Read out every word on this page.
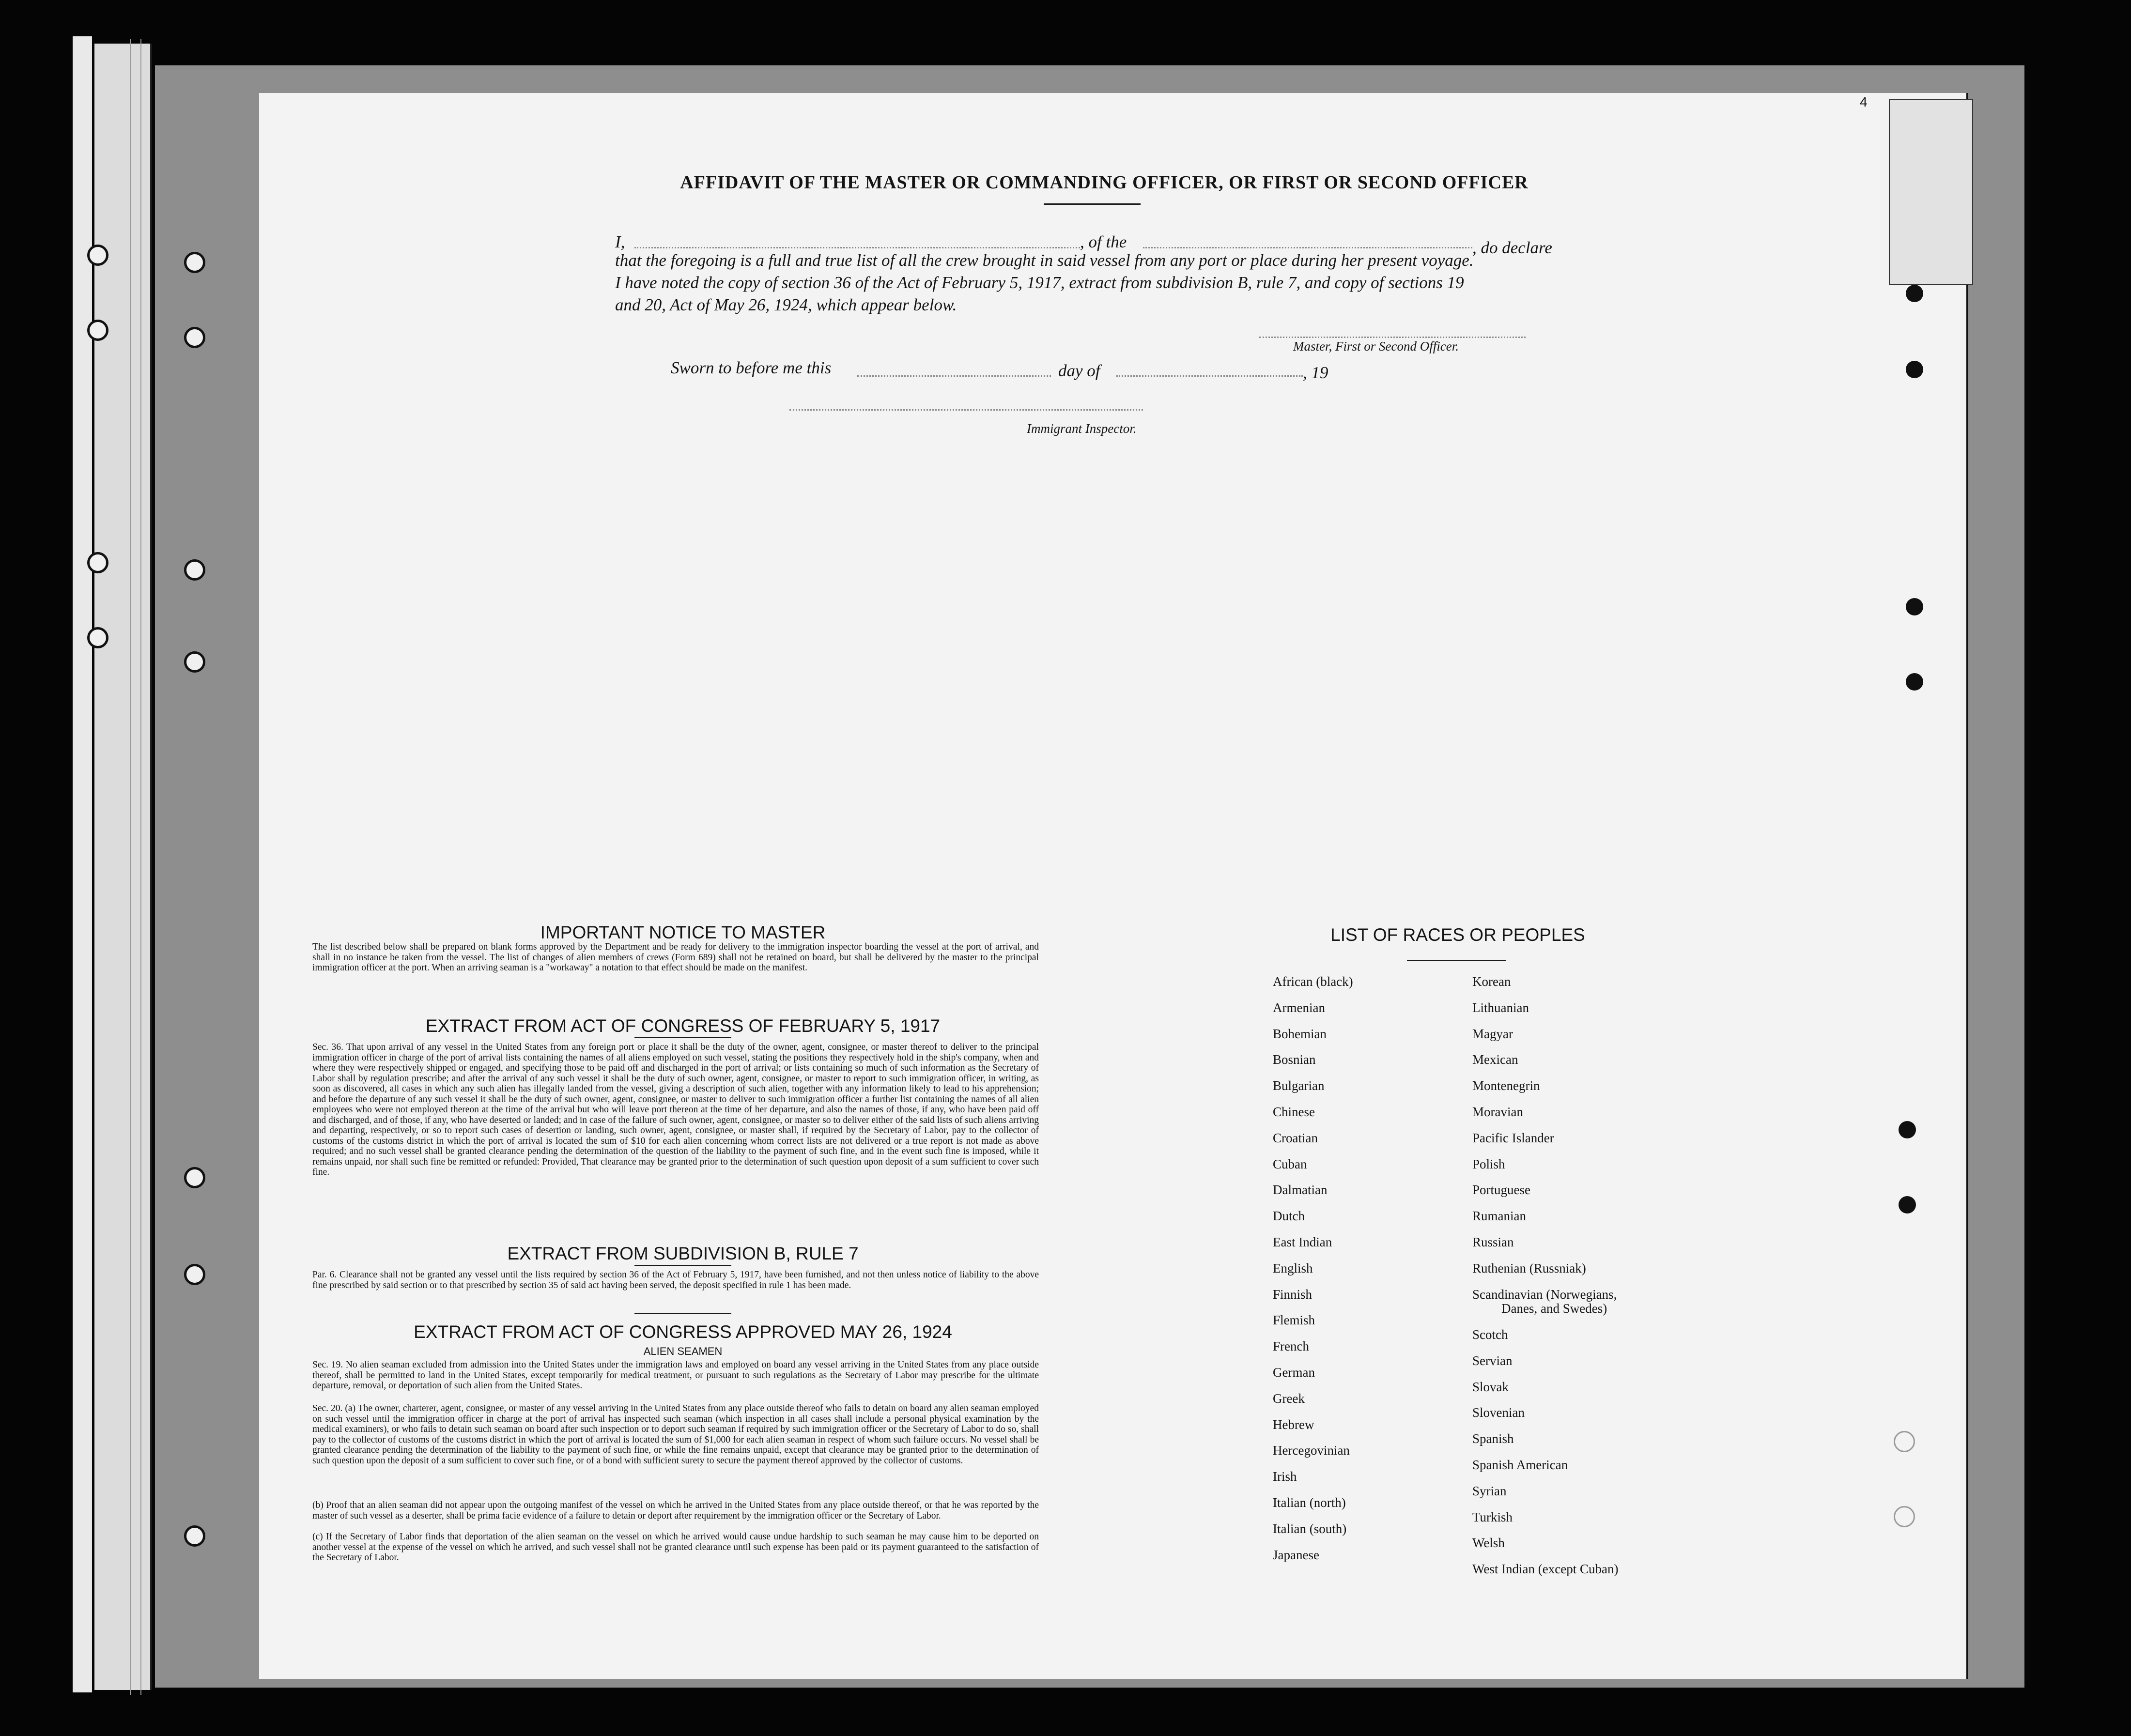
4
AFFIDAVIT OF THE MASTER OR COMMANDING OFFICER, OR FIRST OR SECOND OFFICER
I,	, of the	, do declare
that the foregoing is a full and true list of all the crew brought in said vessel from any port or place during her present voyage.
I have noted the copy of section 36 of the Act of February 5, 1917, extract from subdivision B, rule 7, and copy of sections 19
and 20, Act of May 26, 1924, which appear below.
Master, First or Second Officer.
Sworn to before me this	day of	, 19
Immigrant Inspector.
IMPORTANT NOTICE TO MASTER
The list described below shall be prepared on blank forms approved by the Department and be ready for delivery to the immigration inspector boarding the vessel at the port of arrival, and shall in no instance be taken from the vessel. The list of changes of alien members of crews (Form 689) shall not be retained on board, but shall be delivered by the master to the principal immigration officer at the port. When an arriving seaman is a "workaway" a notation to that effect should be made on the manifest.
EXTRACT FROM ACT OF CONGRESS OF FEBRUARY 5, 1917
Sec. 36. That upon arrival of any vessel in the United States from any foreign port or place it shall be the duty of the owner, agent, consignee, or master thereof to deliver to the principal immigration officer in charge of the port of arrival lists containing the names of all aliens employed on such vessel, stating the positions they respectively hold in the ship's company, when and where they were respectively shipped or engaged, and specifying those to be paid off and discharged in the port of arrival; or lists containing so much of such information as the Secretary of Labor shall by regulation prescribe; and after the arrival of any such vessel it shall be the duty of such owner, agent, consignee, or master to report to such immigration officer, in writing, as soon as discovered, all cases in which any such alien has illegally landed from the vessel, giving a description of such alien, together with any information likely to lead to his apprehension; and before the departure of any such vessel it shall be the duty of such owner, agent, consignee, or master to deliver to such immigration officer a further list containing the names of all alien employees who were not employed thereon at the time of the arrival but who will leave port thereon at the time of her departure, and also the names of those, if any, who have been paid off and discharged, and of those, if any, who have deserted or landed; and in case of the failure of such owner, agent, consignee, or master so to deliver either of the said lists of such aliens arriving and departing, respectively, or so to report such cases of desertion or landing, such owner, agent, consignee, or master shall, if required by the Secretary of Labor, pay to the collector of customs of the customs district in which the port of arrival is located the sum of $10 for each alien concerning whom correct lists are not delivered or a true report is not made as above required; and no such vessel shall be granted clearance pending the determination of the question of the liability to the payment of such fine, and in the event such fine is imposed, while it remains unpaid, nor shall such fine be remitted or refunded: Provided, That clearance may be granted prior to the determination of such question upon deposit of a sum sufficient to cover such fine.
EXTRACT FROM SUBDIVISION B, RULE 7
Par. 6. Clearance shall not be granted any vessel until the lists required by section 36 of the Act of February 5, 1917, have been furnished, and not then unless notice of liability to the above fine prescribed by said section or to that prescribed by section 35 of said act having been served, the deposit specified in rule 1 has been made.
EXTRACT FROM ACT OF CONGRESS APPROVED MAY 26, 1924
ALIEN SEAMEN
Sec. 19. No alien seaman excluded from admission into the United States under the immigration laws and employed on board any vessel arriving in the United States from any place outside thereof, shall be permitted to land in the United States, except temporarily for medical treatment, or pursuant to such regulations as the Secretary of Labor may prescribe for the ultimate departure, removal, or deportation of such alien from the United States.
Sec. 20. (a) The owner, charterer, agent, consignee, or master of any vessel arriving in the United States from any place outside thereof who fails to detain on board any alien seaman employed on such vessel until the immigration officer in charge at the port of arrival has inspected such seaman (which inspection in all cases shall include a personal physical examination by the medical examiners), or who fails to detain such seaman on board after such inspection or to deport such seaman if required by such immigration officer or the Secretary of Labor to do so, shall pay to the collector of customs of the customs district in which the port of arrival is located the sum of $1,000 for each alien seaman in respect of whom such failure occurs. No vessel shall be granted clearance pending the determination of the liability to the payment of such fine, or while the fine remains unpaid, except that clearance may be granted prior to the determination of such question upon the deposit of a sum sufficient to cover such fine, or of a bond with sufficient surety to secure the payment thereof approved by the collector of customs.
(b) Proof that an alien seaman did not appear upon the outgoing manifest of the vessel on which he arrived in the United States from any place outside thereof, or that he was reported by the master of such vessel as a deserter, shall be prima facie evidence of a failure to detain or deport after requirement by the immigration officer or the Secretary of Labor.
(c) If the Secretary of Labor finds that deportation of the alien seaman on the vessel on which he arrived would cause undue hardship to such seaman he may cause him to be deported on another vessel at the expense of the vessel on which he arrived, and such vessel shall not be granted clearance until such expense has been paid or its payment guaranteed to the satisfaction of the Secretary of Labor.
LIST OF RACES OR PEOPLES
African (black)
Armenian
Bohemian
Bosnian
Bulgarian
Chinese
Croatian
Cuban
Dalmatian
Dutch
East Indian
English
Finnish
Flemish
French
German
Greek
Hebrew
Hercegovinian
Irish
Italian (north)
Italian (south)
Japanese
Korean
Lithuanian
Magyar
Mexican
Montenegrin
Moravian
Pacific Islander
Polish
Portuguese
Rumanian
Russian
Ruthenian (Russniak)
Scandinavian (Norwegians,
Danes, and Swedes)
Scotch
Servian
Slovak
Slovenian
Spanish
Spanish American
Syrian
Turkish
Welsh
West Indian (except Cuban)
